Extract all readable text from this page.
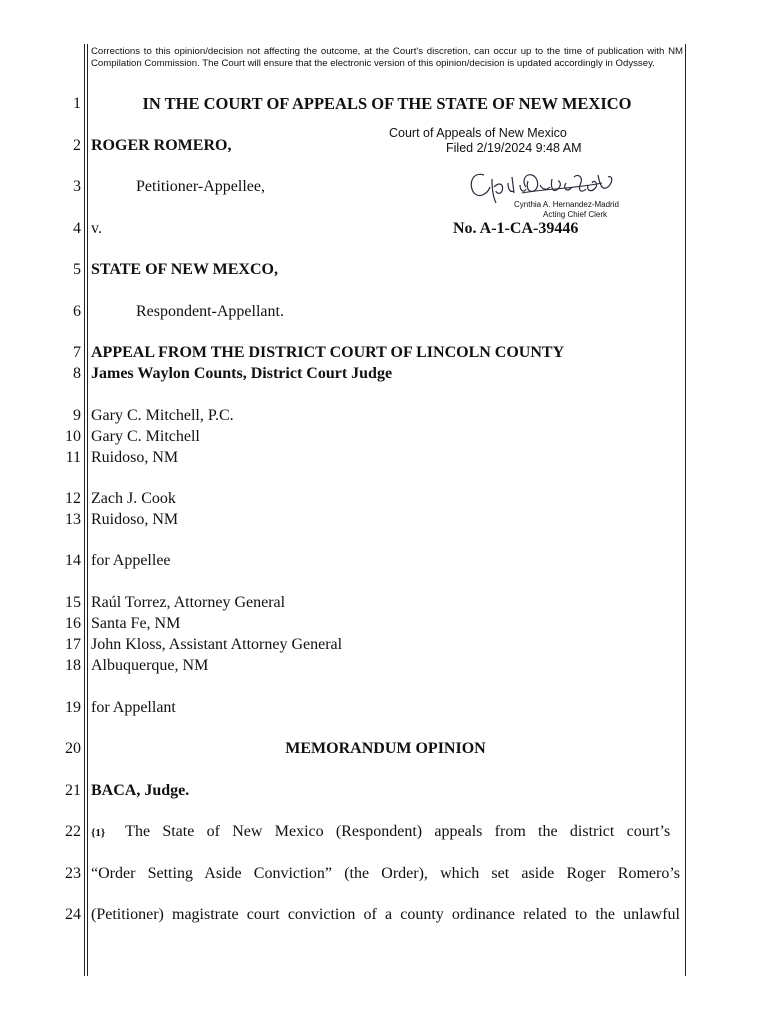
Corrections to this opinion/decision not affecting the outcome, at the Court's discretion, can occur up to the time of publication with NM Compilation Commission. The Court will ensure that the electronic version of this opinion/decision is updated accordingly in Odyssey.
1
2
3
4
5
6
7
8
9
10
11
12
13
14
15
16
17
18
19
20
21
22
23
24
IN THE COURT OF APPEALS OF THE STATE OF NEW MEXICO
Court of Appeals of New Mexico
Filed 2/19/2024 9:48 AM
Cynthia A. Hernandez-Madrid
Acting Chief Clerk
ROGER ROMERO,
Petitioner-Appellee,
v.	No. A-1-CA-39446
STATE OF NEW MEXCO,
Respondent-Appellant.
APPEAL FROM THE DISTRICT COURT OF LINCOLN COUNTY
James Waylon Counts, District Court Judge
Gary C. Mitchell, P.C.
Gary C. Mitchell
Ruidoso, NM
Zach J. Cook
Ruidoso, NM
for Appellee
Raúl Torrez, Attorney General
Santa Fe, NM
John Kloss, Assistant Attorney General
Albuquerque, NM
for Appellant
MEMORANDUM OPINION
BACA, Judge.
{1} The State of New Mexico (Respondent) appeals from the district court’s
“Order Setting Aside Conviction” (the Order), which set aside Roger Romero’s
(Petitioner) magistrate court conviction of a county ordinance related to the unlawful
